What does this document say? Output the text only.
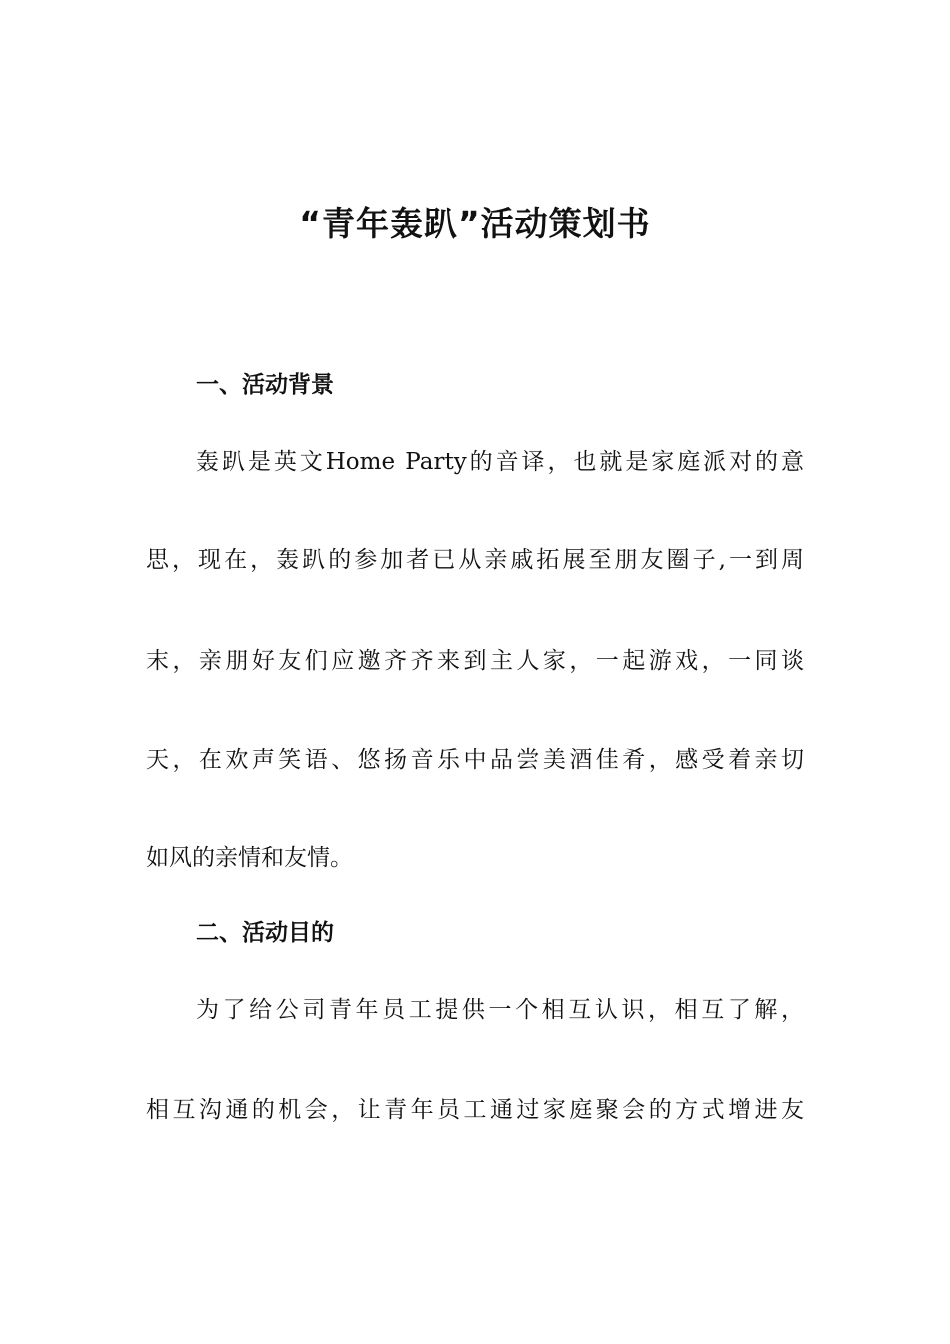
“青年轰趴”活动策划书
一、活动背景

轰趴是英文Home Party的音译，也就是家庭派对的意

思，现在，轰趴的参加者已从亲戚拓展至朋友圈子,一到周

末，亲朋好友们应邀齐齐来到主人家，一起游戏，一同谈

天，在欢声笑语、悠扬音乐中品尝美酒佳肴，感受着亲切

如风的亲情和友情。

二、活动目的

为了给公司青年员工提供一个相互认识，相互了解，

相互沟通的机会，让青年员工通过家庭聚会的方式增进友
